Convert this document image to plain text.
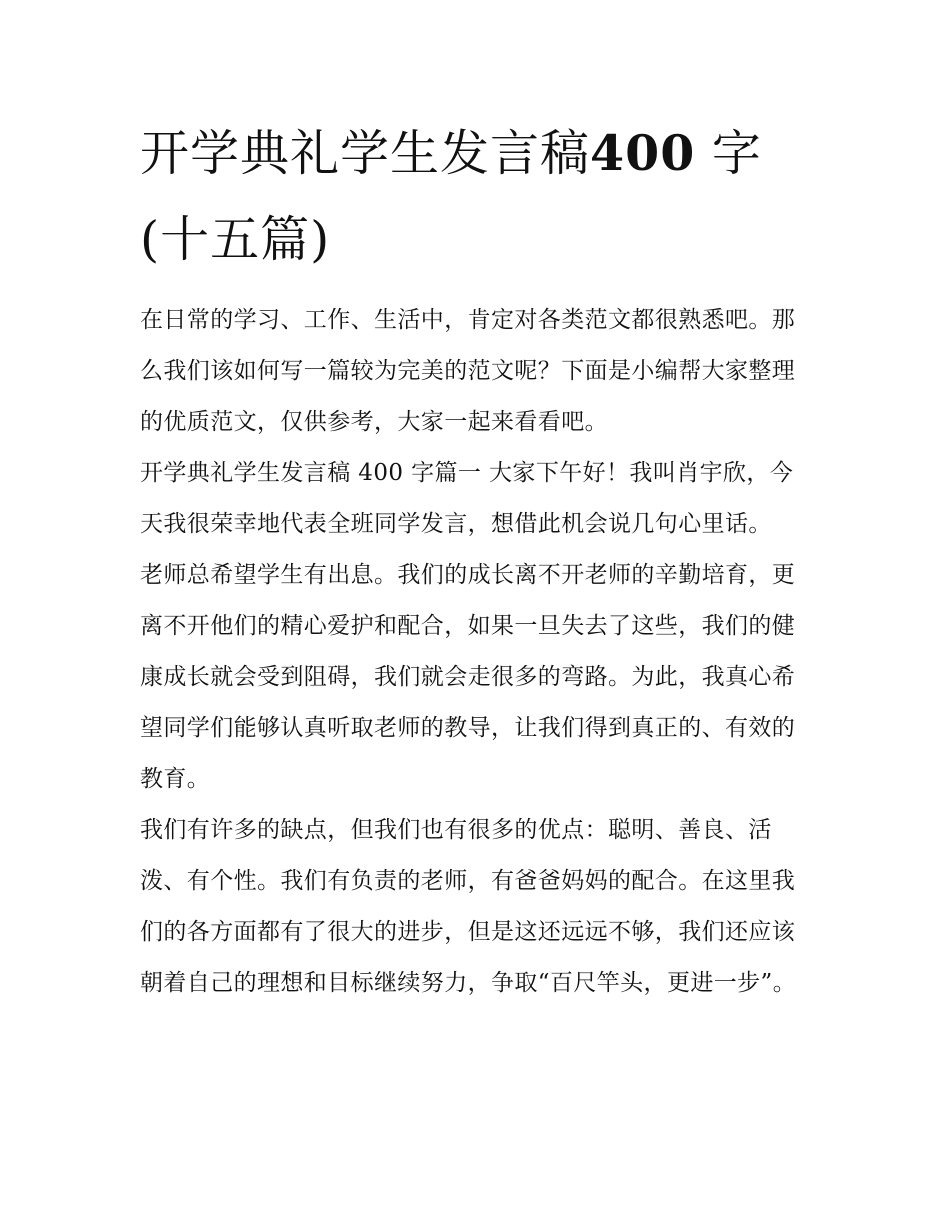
开学典礼学生发言稿400 字(十五篇)

在日常的学习、工作、生活中，肯定对各类范文都很熟悉吧。那么我们该如何写一篇较为完美的范文呢？下面是小编帮大家整理的优质范文，仅供参考，大家一起来看看吧。

开学典礼学生发言稿 400 字篇一 大家下午好！我叫肖宇欣，今天我很荣幸地代表全班同学发言，想借此机会说几句心里话。

老师总希望学生有出息。我们的成长离不开老师的辛勤培育，更离不开他们的精心爱护和配合，如果一旦失去了这些，我们的健康成长就会受到阻碍，我们就会走很多的弯路。为此，我真心希望同学们能够认真听取老师的教导，让我们得到真正的、有效的教育。

我们有许多的缺点，但我们也有很多的优点：聪明、善良、活泼、有个性。我们有负责的老师，有爸爸妈妈的配合。在这里我们的各方面都有了很大的进步，但是这还远远不够，我们还应该朝着自己的理想和目标继续努力，争取“百尺竿头，更进一步”。
